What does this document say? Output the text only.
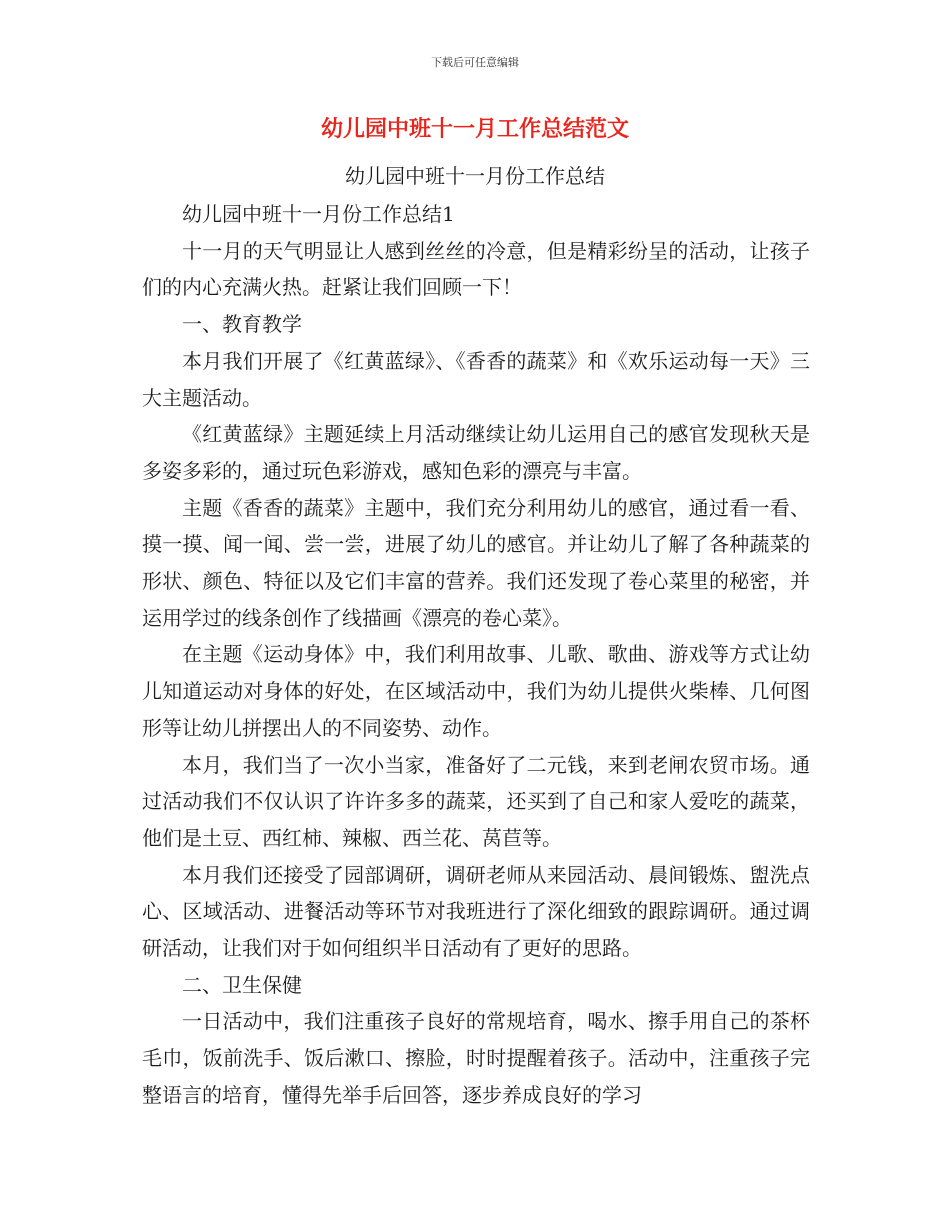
下载后可任意编辑
幼儿园中班十一月工作总结范文
幼儿园中班十一月份工作总结

幼儿园中班十一月份工作总结1

十一月的天气明显让人感到丝丝的冷意，但是精彩纷呈的活动，让孩子们的内心充满火热。赶紧让我们回顾一下！

一、教育教学

本月我们开展了《红黄蓝绿》、《香香的蔬菜》和《欢乐运动每一天》三大主题活动。

《红黄蓝绿》主题延续上月活动继续让幼儿运用自己的感官发现秋天是多姿多彩的，通过玩色彩游戏，感知色彩的漂亮与丰富。

主题《香香的蔬菜》主题中，我们充分利用幼儿的感官，通过看一看、摸一摸、闻一闻、尝一尝，进展了幼儿的感官。并让幼儿了解了各种蔬菜的形状、颜色、特征以及它们丰富的营养。我们还发现了卷心菜里的秘密，并运用学过的线条创作了线描画《漂亮的卷心菜》。

在主题《运动身体》中，我们利用故事、儿歌、歌曲、游戏等方式让幼儿知道运动对身体的好处，在区域活动中，我们为幼儿提供火柴棒、几何图形等让幼儿拼摆出人的不同姿势、动作。

本月，我们当了一次小当家，准备好了二元钱，来到老闸农贸市场。通过活动我们不仅认识了许许多多的蔬菜，还买到了自己和家人爱吃的蔬菜，他们是土豆、西红柿、辣椒、西兰花、莴苣等。

本月我们还接受了园部调研，调研老师从来园活动、晨间锻炼、盥洗点心、区域活动、进餐活动等环节对我班进行了深化细致的跟踪调研。通过调研活动，让我们对于如何组织半日活动有了更好的思路。

二、卫生保健

一日活动中，我们注重孩子良好的常规培育，喝水、擦手用自己的茶杯毛巾，饭前洗手、饭后漱口、擦脸，时时提醒着孩子。活动中，注重孩子完整语言的培育，懂得先举手后回答，逐步养成良好的学习
